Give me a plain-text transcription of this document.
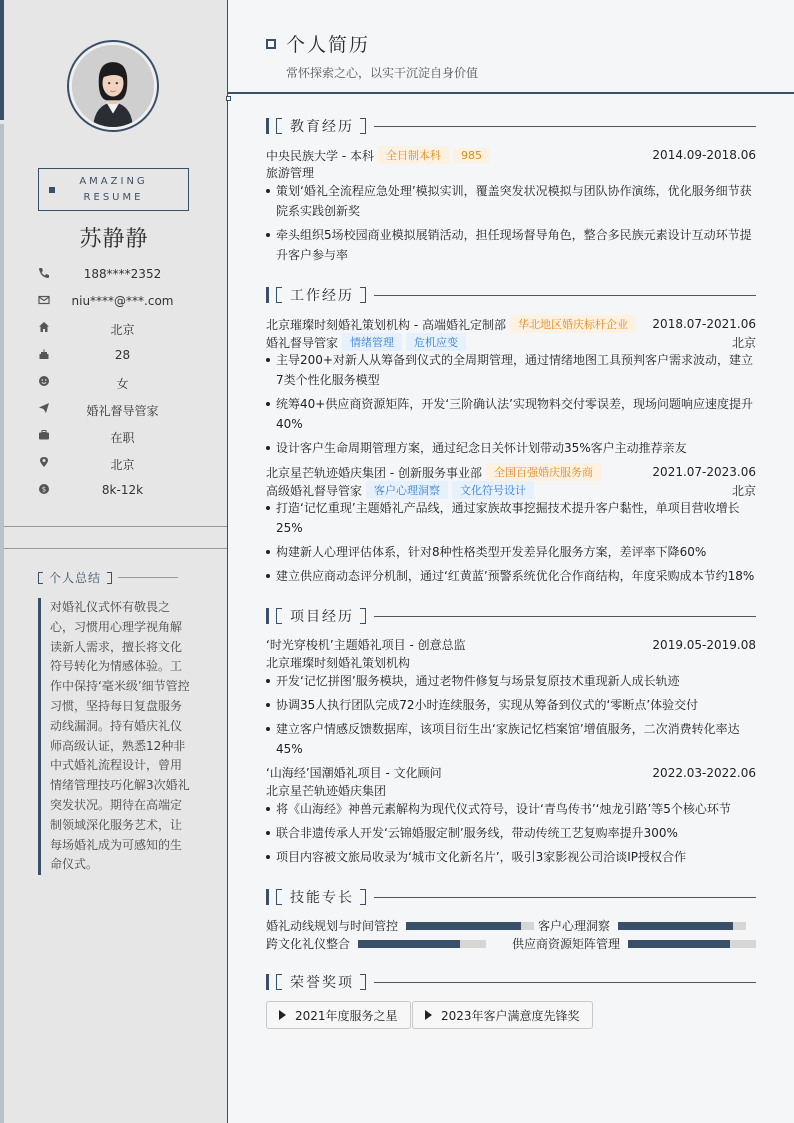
AMAZING
RESUME
苏静静
188****2352
niu****@***.com
北京
28
女
婚礼督导管家
在职
北京
$	8k-12k
个人总结
对婚礼仪式怀有敬畏之心，习惯用心理学视角解读新人需求，擅长将文化符号转化为情感体验。工作中保持‘毫米级’细节管控习惯，坚持每日复盘服务动线漏洞。持有婚庆礼仪师高级认证，熟悉12种非中式婚礼流程设计，曾用情绪管理技巧化解3次婚礼突发状况。期待在高端定制领域深化服务艺术，让每场婚礼成为可感知的生命仪式。
个人简历
常怀探索之心，以实干沉淀自身价值
教育经历
中央民族大学 - 本科	全日制本科	985	2014.09-2018.06
旅游管理
策划‘婚礼全流程应急处理’模拟实训，覆盖突发状况模拟与团队协作演练，优化服务细节获院系实践创新奖
牵头组织5场校园商业模拟展销活动，担任现场督导角色，整合多民族元素设计互动环节提升客户参与率
工作经历
北京璀璨时刻婚礼策划机构 - 高端婚礼定制部	华北地区婚庆标杆企业	2018.07-2021.06
婚礼督导管家	情绪管理	危机应变	北京
主导200+对新人从筹备到仪式的全周期管理，通过情绪地图工具预判客户需求波动，建立7类个性化服务模型
统筹40+供应商资源矩阵，开发‘三阶确认法’实现物料交付零误差，现场问题响应速度提升40%
设计客户生命周期管理方案，通过纪念日关怀计划带动35%客户主动推荐亲友
北京星芒轨迹婚庆集团 - 创新服务事业部	全国百强婚庆服务商	2021.07-2023.06
高级婚礼督导管家	客户心理洞察	文化符号设计	北京
打造‘记忆重现’主题婚礼产品线，通过家族故事挖掘技术提升客户黏性，单项目营收增长25%
构建新人心理评估体系，针对8种性格类型开发差异化服务方案，差评率下降60%
建立供应商动态评分机制，通过‘红黄蓝’预警系统优化合作商结构，年度采购成本节约18%
项目经历
‘时光穿梭机’主题婚礼项目 - 创意总监	2019.05-2019.08
北京璀璨时刻婚礼策划机构
开发‘记忆拼图’服务模块，通过老物件修复与场景复原技术重现新人成长轨迹
协调35人执行团队完成72小时连续服务，实现从筹备到仪式的‘零断点’体验交付
建立客户情感反馈数据库，该项目衍生出‘家族记忆档案馆’增值服务，二次消费转化率达45%
‘山海经’国潮婚礼项目 - 文化顾问	2022.03-2022.06
北京星芒轨迹婚庆集团
将《山海经》神兽元素解构为现代仪式符号，设计‘青鸟传书’‘烛龙引路’等5个核心环节
联合非遗传承人开发‘云锦婚服定制’服务线，带动传统工艺复购率提升300%
项目内容被文旅局收录为‘城市文化新名片’，吸引3家影视公司洽谈IP授权合作
技能专长
婚礼动线规划与时间管控	客户心理洞察
跨文化礼仪整合	供应商资源矩阵管理
荣誉奖项
2021年度服务之星	2023年客户满意度先锋奖
